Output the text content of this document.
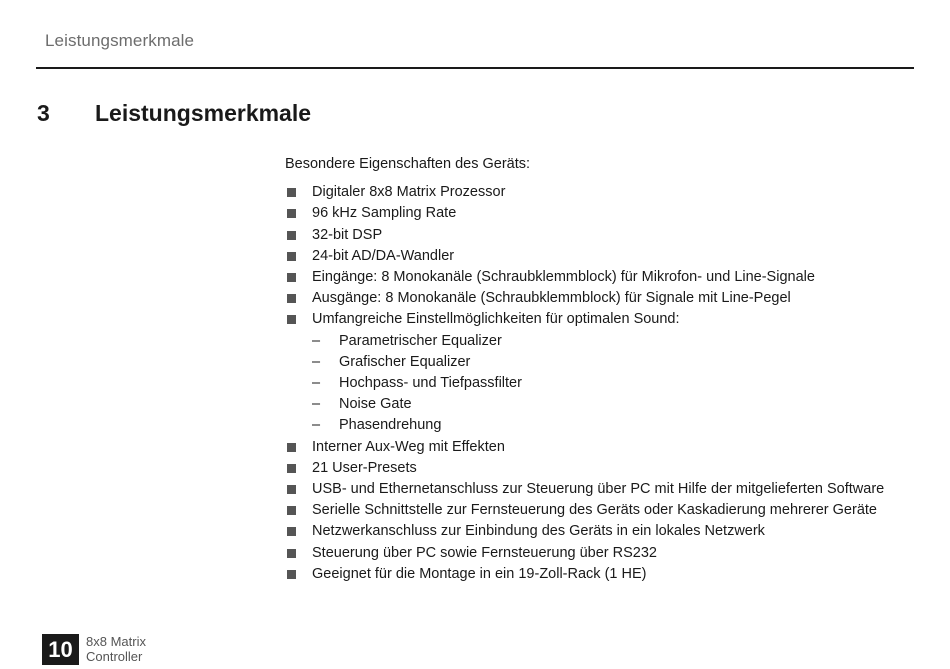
Leistungsmerkmale
3 Leistungsmerkmale
Besondere Eigenschaften des Geräts:
Digitaler 8x8 Matrix Prozessor
96 kHz Sampling Rate
32-bit DSP
24-bit AD/DA-Wandler
Eingänge: 8 Monokanäle (Schraubklemmblock) für Mikrofon- und Line-Signale
Ausgänge: 8 Monokanäle (Schraubklemmblock) für Signale mit Line-Pegel
Umfangreiche Einstellmöglichkeiten für optimalen Sound:
– Parametrischer Equalizer
– Grafischer Equalizer
– Hochpass- und Tiefpassfilter
– Noise Gate
– Phasendrehung
Interner Aux-Weg mit Effekten
21 User-Presets
USB- und Ethernetanschluss zur Steuerung über PC mit Hilfe der mitgelieferten Software
Serielle Schnittstelle zur Fernsteuerung des Geräts oder Kaskadierung mehrerer Geräte
Netzwerkanschluss zur Einbindung des Geräts in ein lokales Netzwerk
Steuerung über PC sowie Fernsteuerung über RS232
Geeignet für die Montage in ein 19-Zoll-Rack (1 HE)
10	8x8 Matrix
Controller
